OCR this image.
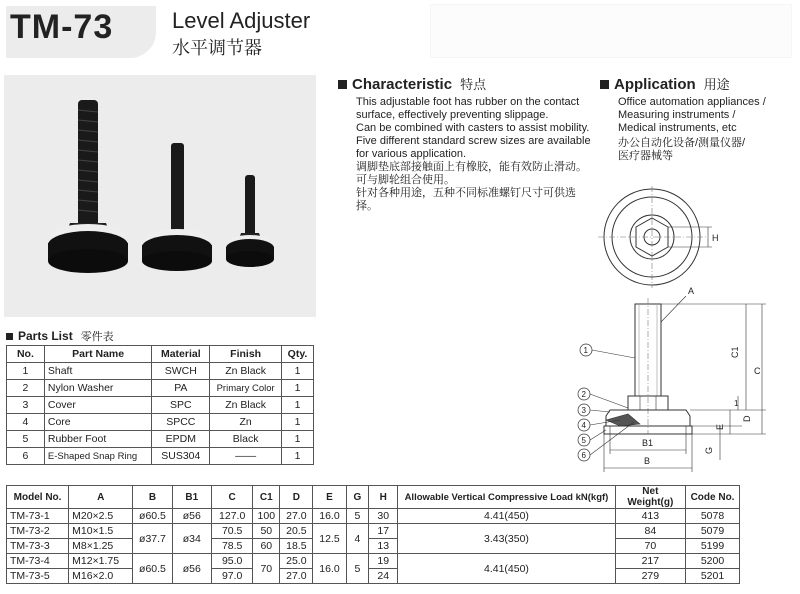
TM-73	Level Adjuster
水平调节器
Characteristic 特点
This adjustable foot has rubber on the contact
surface, effectively preventing slippage.
Can be combined with casters to assist mobility.
Five different standard screw sizes are available
for various application.
调脚垫底部接触面上有橡胶，能有效防止滑动。
可与脚轮组合使用。
针对各种用途，五种不同标准螺钉尺寸可供选择。
Application 用途
Office automation appliances /
Measuring instruments /
Medical instruments, etc
办公自动化设备/测量仪器/
医疗器械等
H
A
C
C1
D
E
G
B1
B
1
1
2
3
4
5
6
Parts List 零件表
No.	Part Name	Material	Finish	Qty.
1	Shaft	SWCH	Zn Black	1
2	Nylon Washer	PA	Primary Color	1
3	Cover	SPC	Zn Black	1
4	Core	SPCC	Zn	1
5	Rubber Foot	EPDM	Black	1
6	E-Shaped Snap Ring	SUS304	——	1
Model No.	A	B	B1	C	C1	D	E	G	H	Allowable Vertical Compressive Load kN(kgf)	Net Weight(g)	Code No.
TM-73-1	M20×2.5	ø60.5	ø56	127.0	100	27.0	16.0	5	30	4.41(450)	413	5078
TM-73-2	M10×1.5	ø37.7	ø34	70.5	50	20.5	12.5	4	17	3.43(350)	84	5079
TM-73-3	M8×1.25			78.5	60	18.5			13		70	5199
TM-73-4	M12×1.75	ø60.5	ø56	95.0	70	25.0	16.0	5	19	4.41(450)	217	5200
TM-73-5	M16×2.0			97.0		27.0			24		279	5201
